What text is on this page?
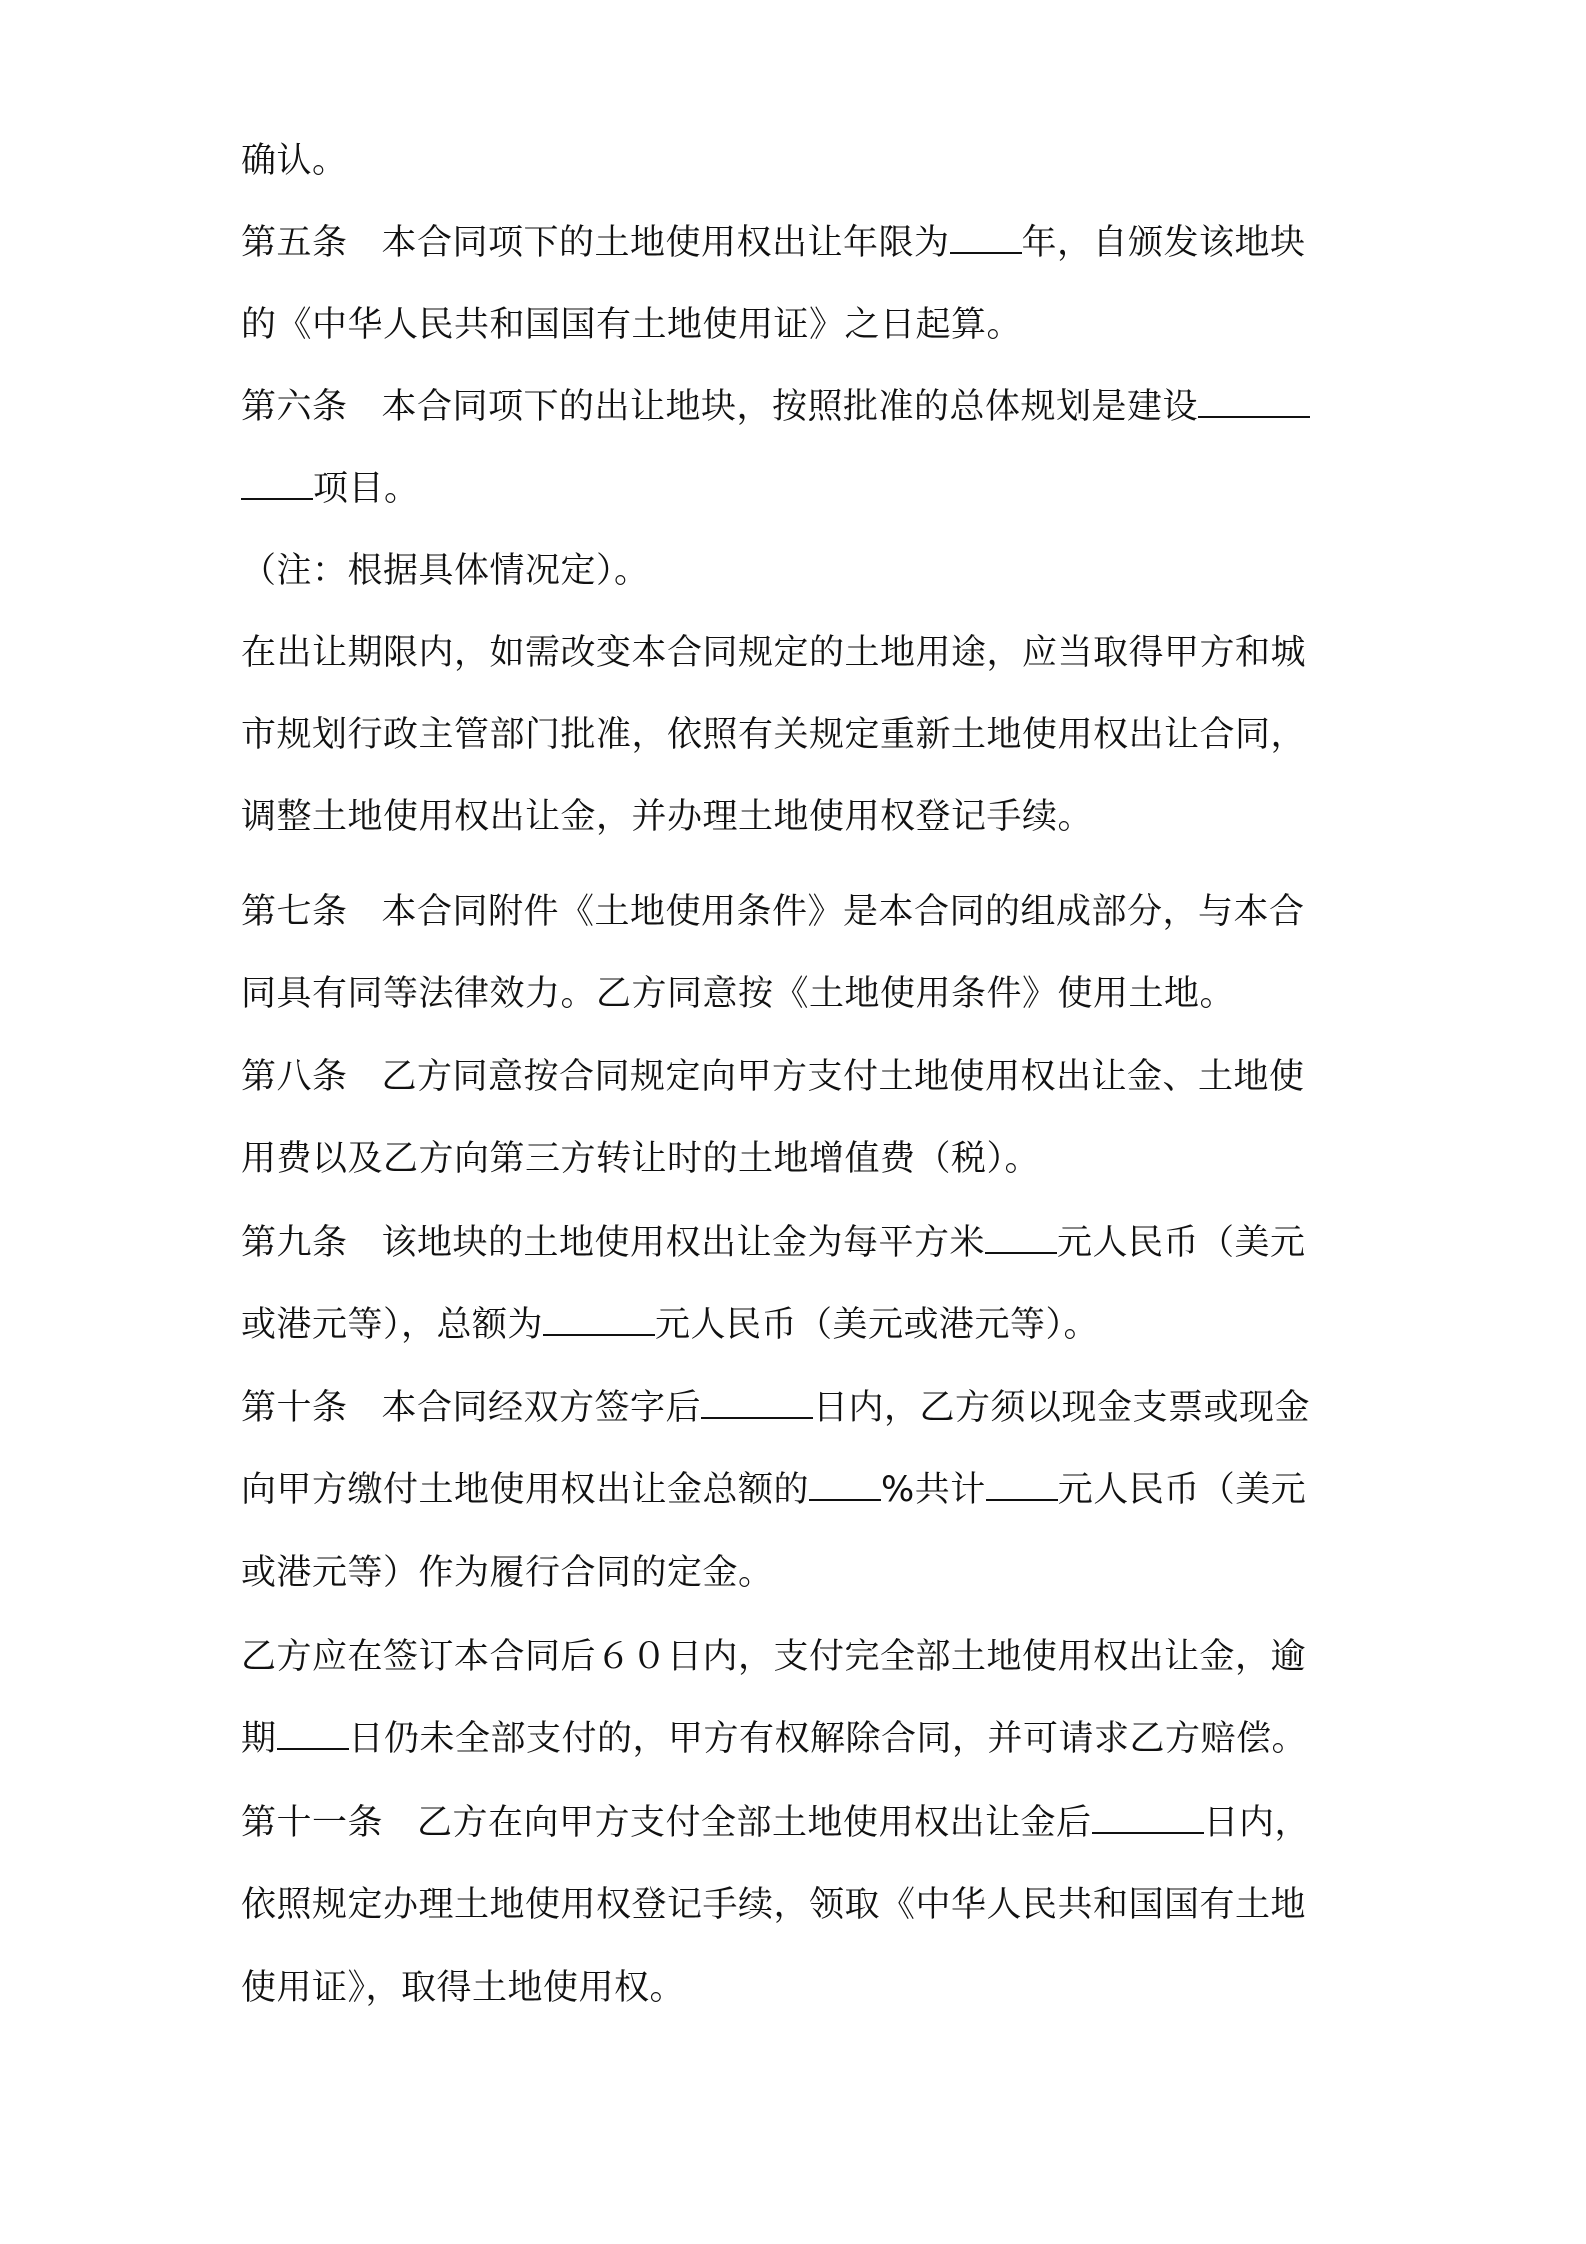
确认。
第五条 本合同项下的土地使用权出让年限为 年，自颁发该地块
的《中华人民共和国国有土地使用证》之日起算。
第六条 本合同项下的出让地块，按照批准的总体规划是建设
项目。
（注：根据具体情况定）。
在出让期限内，如需改变本合同规定的土地用途，应当取得甲方和城
市规划行政主管部门批准，依照有关规定重新土地使用权出让合同，
调整土地使用权出让金，并办理土地使用权登记手续。
第七条 本合同附件《土地使用条件》是本合同的组成部分，与本合
同具有同等法律效力。乙方同意按《土地使用条件》使用土地。
第八条 乙方同意按合同规定向甲方支付土地使用权出让金、土地使
用费以及乙方向第三方转让时的土地增值费（税）。
第九条 该地块的土地使用权出让金为每平方米 元人民币（美元
或港元等），总额为	元人民币（美元或港元等）。
第十条 本合同经双方签字后	日内，乙方须以现金支票或现金
向甲方缴付土地使用权出让金总额的 %共计 元人民币（美元
或港元等）作为履行合同的定金。
乙方应在签订本合同后６０日内，支付完全部土地使用权出让金，逾
期 日仍未全部支付的，甲方有权解除合同，并可请求乙方赔偿。
第十一条 乙方在向甲方支付全部土地使用权出让金后	日内，
依照规定办理土地使用权登记手续，领取《中华人民共和国国有土地
使用证》，取得土地使用权。
